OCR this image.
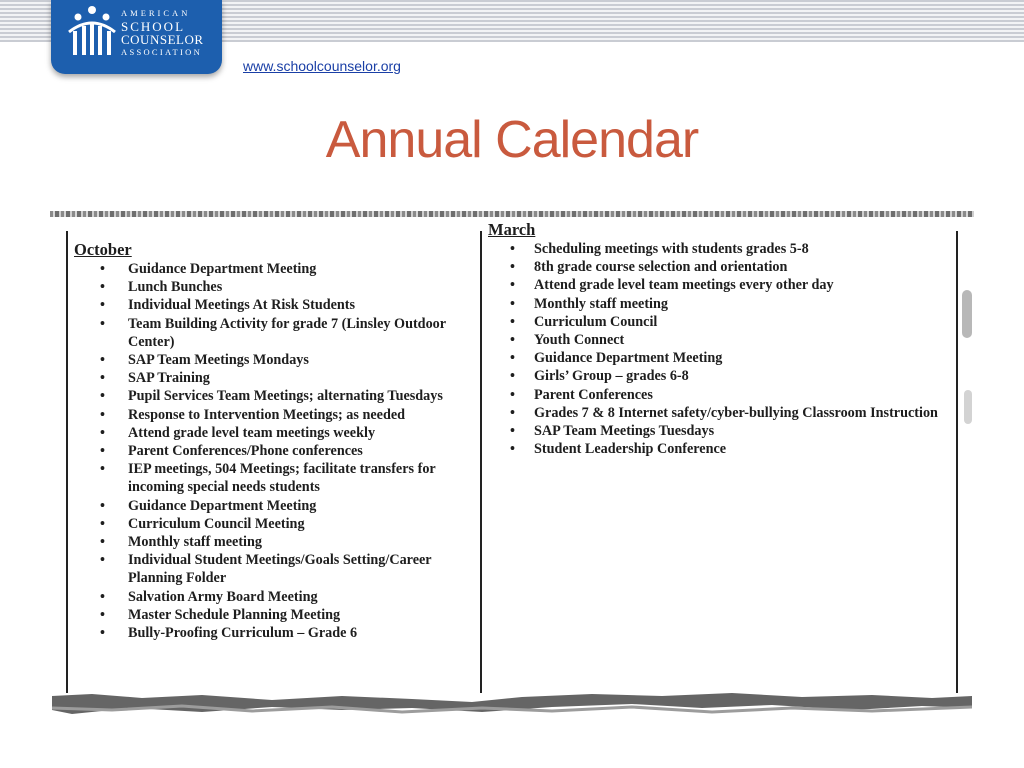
AMERICAN
SCHOOL
COUNSELOR
ASSOCIATION
www.schoolcounselor.org
Annual Calendar
October
• Guidance Department Meeting
• Lunch Bunches
• Individual Meetings At Risk Students
• Team Building Activity for grade 7 (Linsley Outdoor Center)
• SAP Team Meetings Mondays
• SAP Training
• Pupil Services Team Meetings; alternating Tuesdays
• Response to Intervention Meetings; as needed
• Attend grade level team meetings weekly
• Parent Conferences/Phone conferences
• IEP meetings, 504 Meetings; facilitate transfers for incoming special needs students
• Guidance Department Meeting
• Curriculum Council Meeting
• Monthly staff meeting
• Individual Student Meetings/Goals Setting/Career Planning Folder
• Salvation Army Board Meeting
• Master Schedule Planning Meeting
• Bully-Proofing Curriculum – Grade 6
March
• Scheduling meetings with students grades 5-8
• 8th grade course selection and orientation
• Attend grade level team meetings every other day
• Monthly staff meeting
• Curriculum Council
• Youth Connect
• Guidance Department Meeting
• Girls’ Group – grades 6-8
• Parent Conferences
• Grades 7 & 8 Internet safety/cyber-bullying Classroom Instruction
• SAP Team Meetings Tuesdays
• Student Leadership Conference
